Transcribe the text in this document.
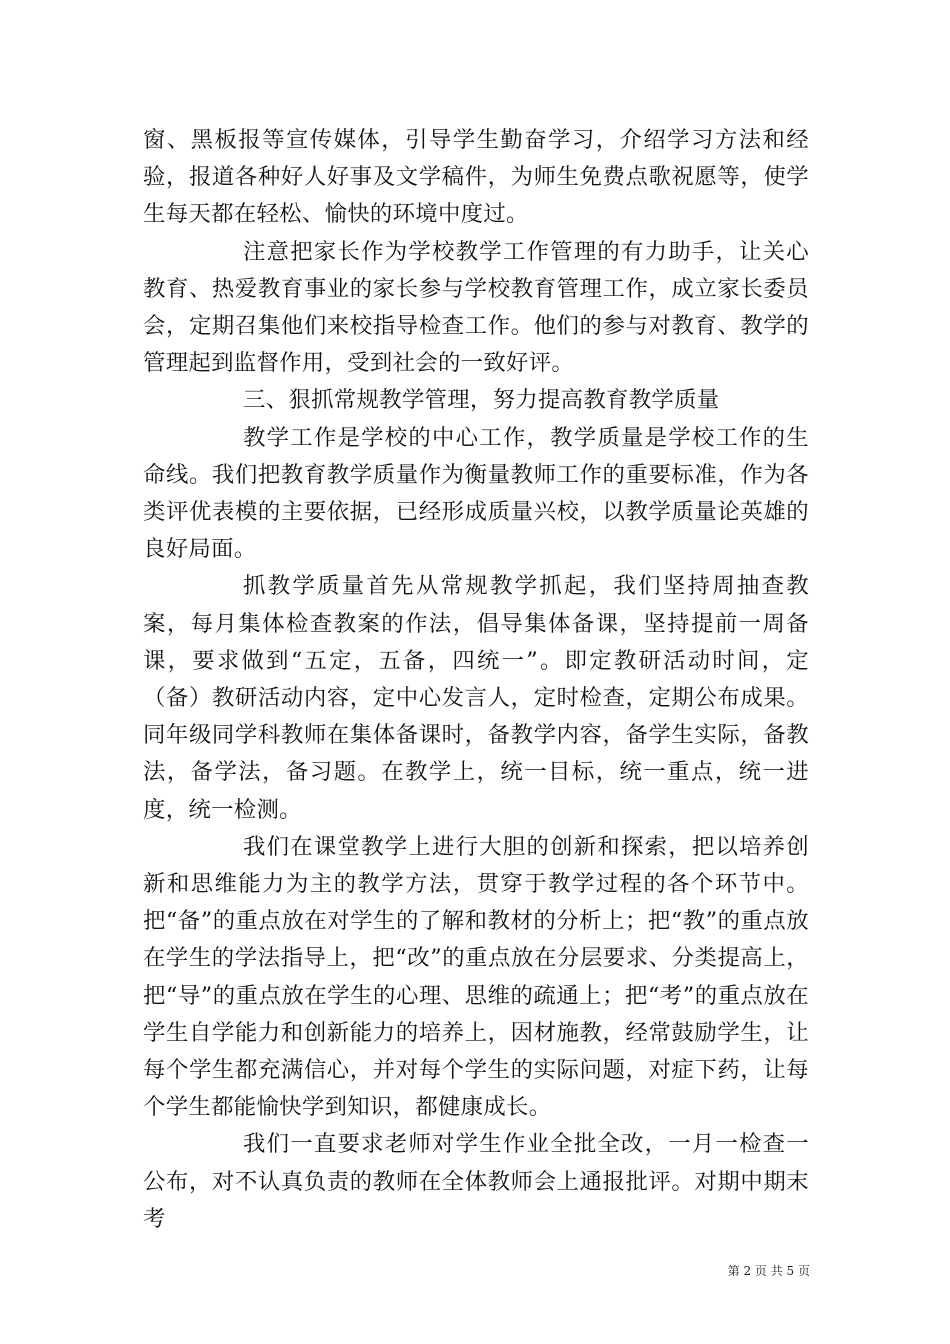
窗、黑板报等宣传媒体，引导学生勤奋学习，介绍学习方法和经验，报道各种好人好事及文学稿件，为师生免费点歌祝愿等，使学生每天都在轻松、愉快的环境中度过。

注意把家长作为学校教学工作管理的有力助手，让关心教育、热爱教育事业的家长参与学校教育管理工作，成立家长委员会，定期召集他们来校指导检查工作。他们的参与对教育、教学的管理起到监督作用，受到社会的一致好评。

三、狠抓常规教学管理，努力提高教育教学质量

教学工作是学校的中心工作，教学质量是学校工作的生命线。我们把教育教学质量作为衡量教师工作的重要标准，作为各类评优表模的主要依据，已经形成质量兴校，以教学质量论英雄的良好局面。

抓教学质量首先从常规教学抓起，我们坚持周抽查教案，每月集体检查教案的作法，倡导集体备课，坚持提前一周备课，要求做到“五定，五备，四统一”。即定教研活动时间，定（备）教研活动内容，定中心发言人，定时检查，定期公布成果。同年级同学科教师在集体备课时，备教学内容，备学生实际，备教法，备学法，备习题。在教学上，统一目标，统一重点，统一进度，统一检测。

我们在课堂教学上进行大胆的创新和探索，把以培养创新和思维能力为主的教学方法，贯穿于教学过程的各个环节中。把“备”的重点放在对学生的了解和教材的分析上；把“教”的重点放在学生的学法指导上，把“改”的重点放在分层要求、分类提高上，把“导”的重点放在学生的心理、思维的疏通上；把“考”的重点放在学生自学能力和创新能力的培养上，因材施教，经常鼓励学生，让每个学生都充满信心，并对每个学生的实际问题，对症下药，让每个学生都能愉快学到知识，都健康成长。

我们一直要求老师对学生作业全批全改，一月一检查一公布，对不认真负责的教师在全体教师会上通报批评。对期中期末考

第 2 页 共 5 页
